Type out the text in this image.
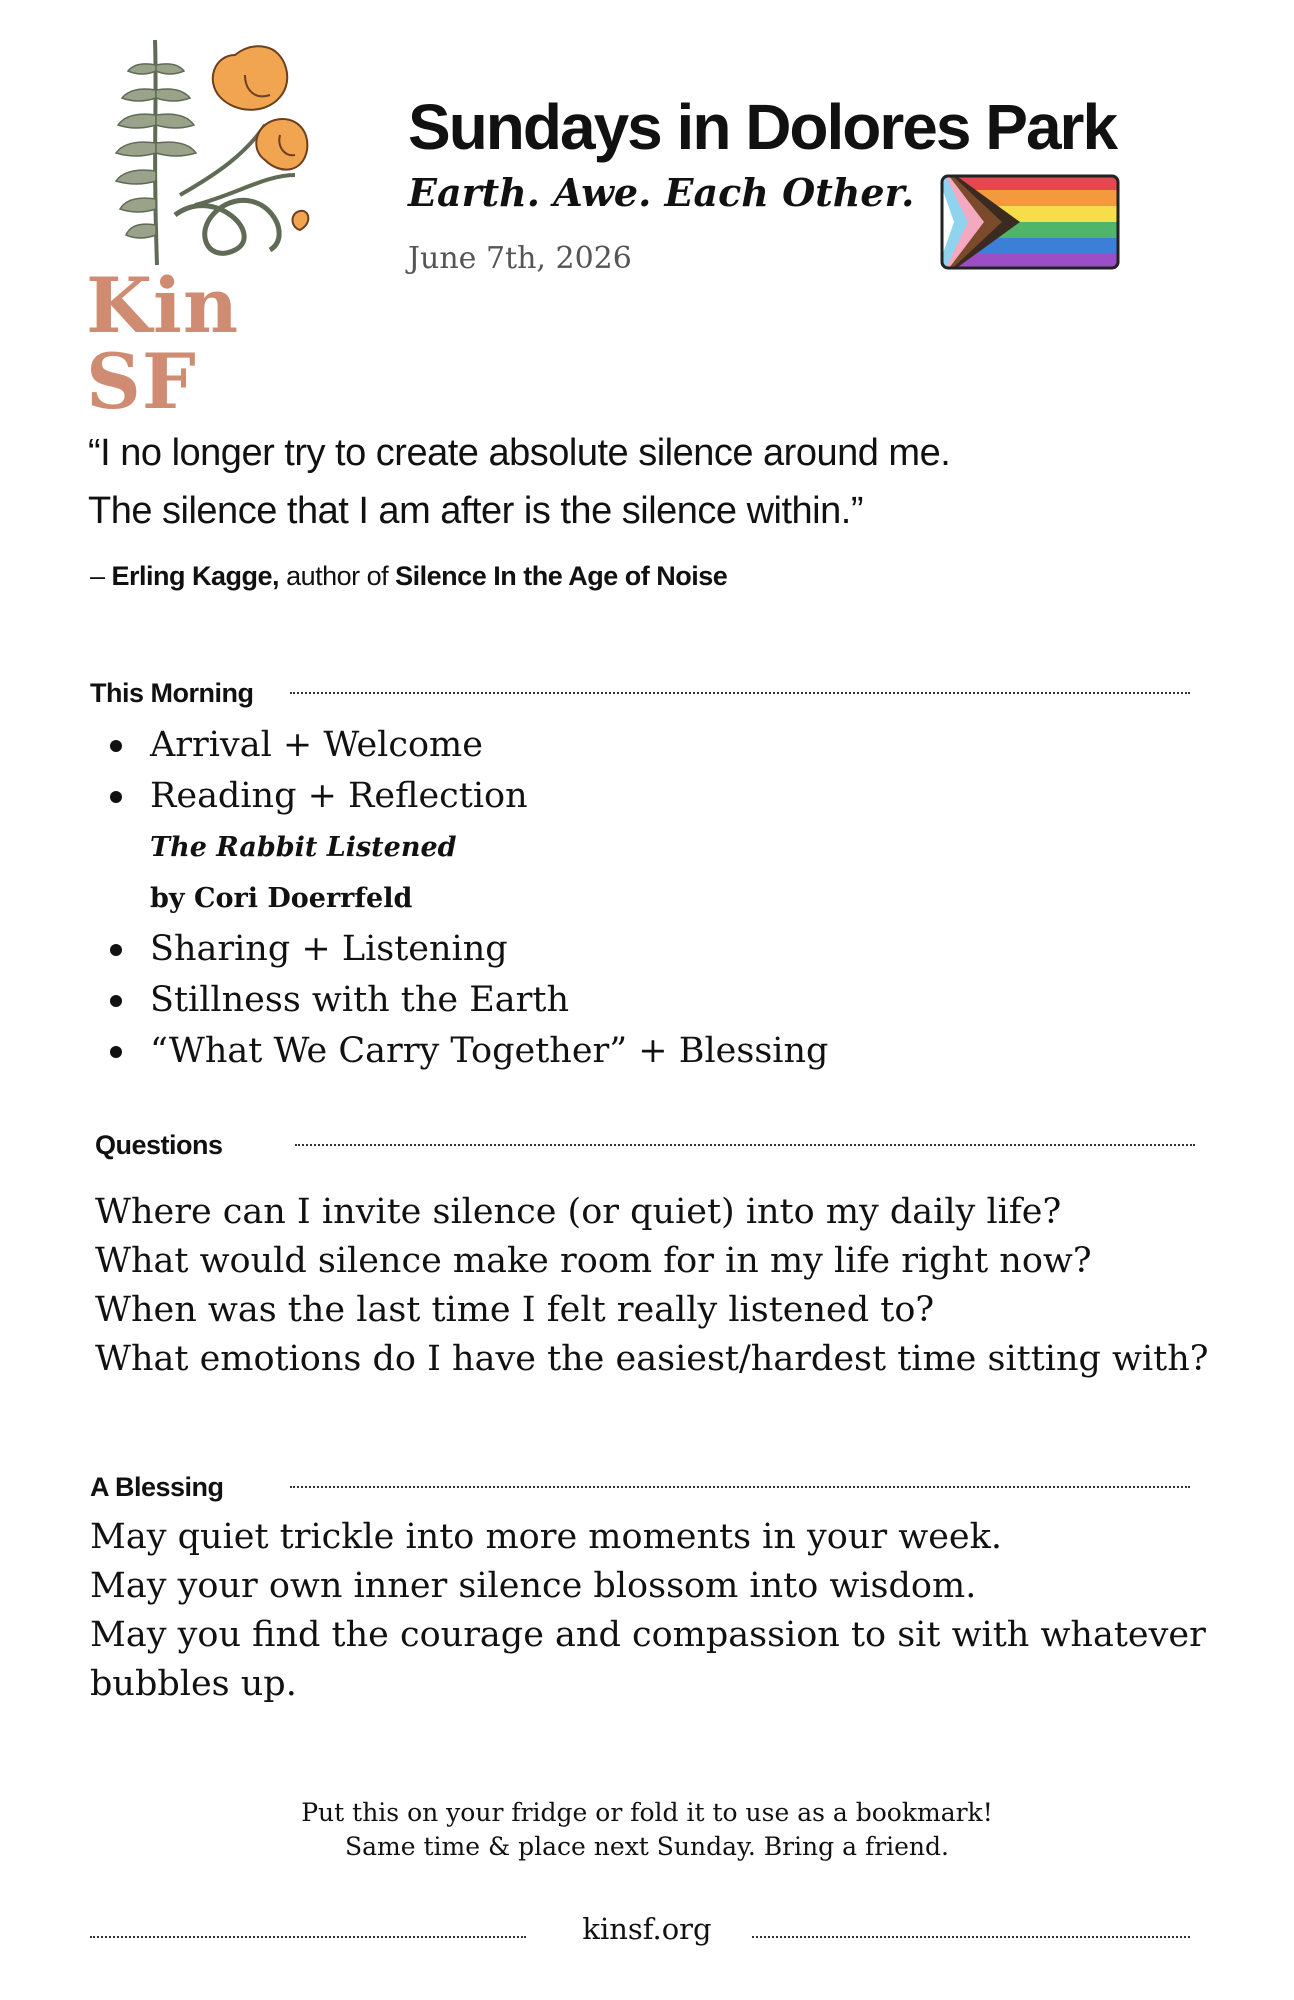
Kin SF
Sundays in Dolores Park
Earth. Awe. Each Other.
June 7th, 2026
“I no longer try to create absolute silence around me.
The silence that I am after is the silence within.”
– Erling Kagge, author of Silence In the Age of Noise
This Morning
Arrival + Welcome
Reading + Reflection
The Rabbit Listened
by Cori Doerrfeld
Sharing + Listening
Stillness with the Earth
“What We Carry Together” + Blessing
Questions
Where can I invite silence (or quiet) into my daily life?
What would silence make room for in my life right now?
When was the last time I felt really listened to?
What emotions do I have the easiest/hardest time sitting with?
A Blessing
May quiet trickle into more moments in your week.
May your own inner silence blossom into wisdom.
May you find the courage and compassion to sit with whatever
bubbles up.
Put this on your fridge or fold it to use as a bookmark!
Same time & place next Sunday. Bring a friend.
kinsf.org
